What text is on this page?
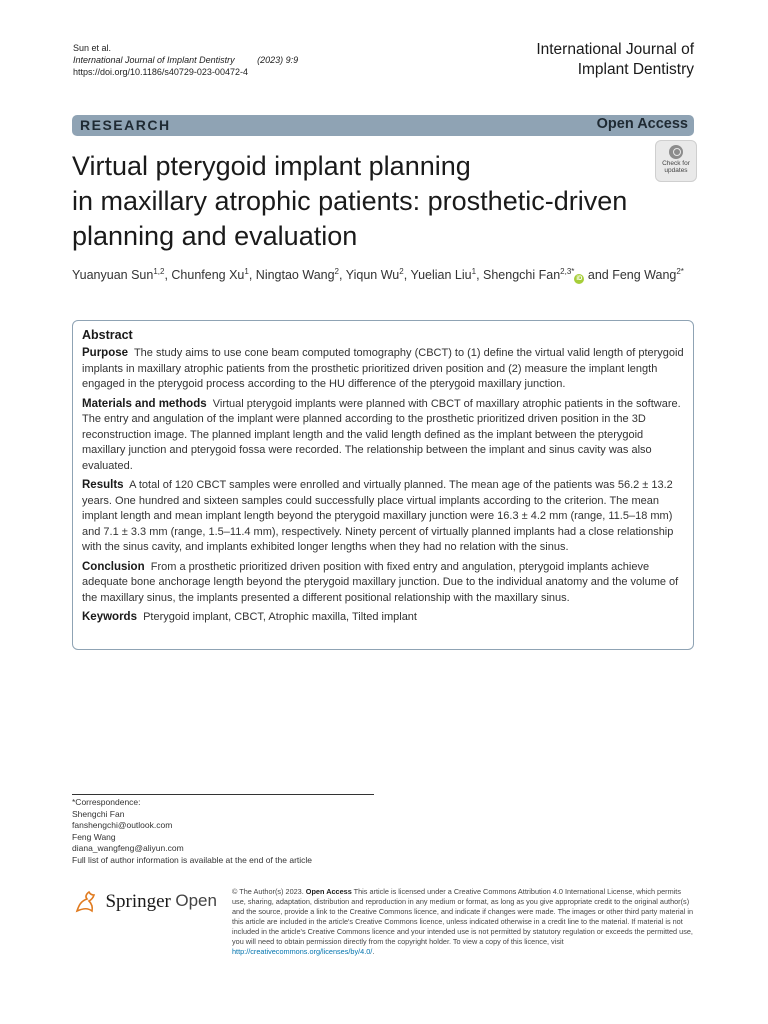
Sun et al.
International Journal of Implant Dentistry	(2023) 9:9
https://doi.org/10.1186/s40729-023-00472-4
International Journal of
Implant Dentistry
RESEARCH	Open Access
Check for
updates
Virtual pterygoid implant planning
in maxillary atrophic patients: prosthetic-driven
planning and evaluation
Yuanyuan Sun$^{1,2}$, Chunfeng Xu$^1$, Ningtao Wang$^2$, Yiqun Wu$^2$, Yuelian Liu$^1$, Shengchi Fan$^{2,3*}$iD and Feng Wang$^{2*}$
Abstract

Purpose The study aims to use cone beam computed tomography (CBCT) to (1) define the virtual valid length of pterygoid implants in maxillary atrophic patients from the prosthetic prioritized driven position and (2) measure the implant length engaged in the pterygoid process according to the HU difference of the pterygoid maxillary junction.

Materials and methods Virtual pterygoid implants were planned with CBCT of maxillary atrophic patients in the software. The entry and angulation of the implant were planned according to the prosthetic prioritized driven position in the 3D reconstruction image. The planned implant length and the valid length defined as the implant between the pterygoid maxillary junction and pterygoid fossa were recorded. The relationship between the implant and sinus cavity was also evaluated.

Results A total of 120 CBCT samples were enrolled and virtually planned. The mean age of the patients was 56.2 ± 13.2 years. One hundred and sixteen samples could successfully place virtual implants according to the criterion. The mean implant length and mean implant length beyond the pterygoid maxillary junction were 16.3 ± 4.2 mm (range, 11.5–18 mm) and 7.1 ± 3.3 mm (range, 1.5–11.4 mm), respectively. Ninety percent of virtually planned implants had a close relationship with the sinus cavity, and implants exhibited longer lengths when they had no relation with the sinus.

Conclusion From a prosthetic prioritized driven position with fixed entry and angulation, pterygoid implants achieve adequate bone anchorage length beyond the pterygoid maxillary junction. Due to the individual anatomy and the volume of the maxillary sinus, the implants presented a different positional relationship with the maxillary sinus.

Keywords Pterygoid implant, CBCT, Atrophic maxilla, Tilted implant

*Correspondence:
Shengchi Fan
fanshengchi@outlook.com
Feng Wang
diana_wangfeng@aliyun.com
Full list of author information is available at the end of the article
Springer Open © The Author(s) 2023. Open Access This article is licensed under a Creative Commons Attribution 4.0 International License, which permits use, sharing, adaptation, distribution and reproduction in any medium or format, as long as you give appropriate credit to the original author(s) and the source, provide a link to the Creative Commons licence, and indicate if changes were made. The images or other third party material in this article are included in the article's Creative Commons licence, unless indicated otherwise in a credit line to the material. If material is not included in the article's Creative Commons licence and your intended use is not permitted by statutory regulation or exceeds the permitted use, you will need to obtain permission directly from the copyright holder. To view a copy of this licence, visit http://creativecommons.org/licenses/by/4.0/.
